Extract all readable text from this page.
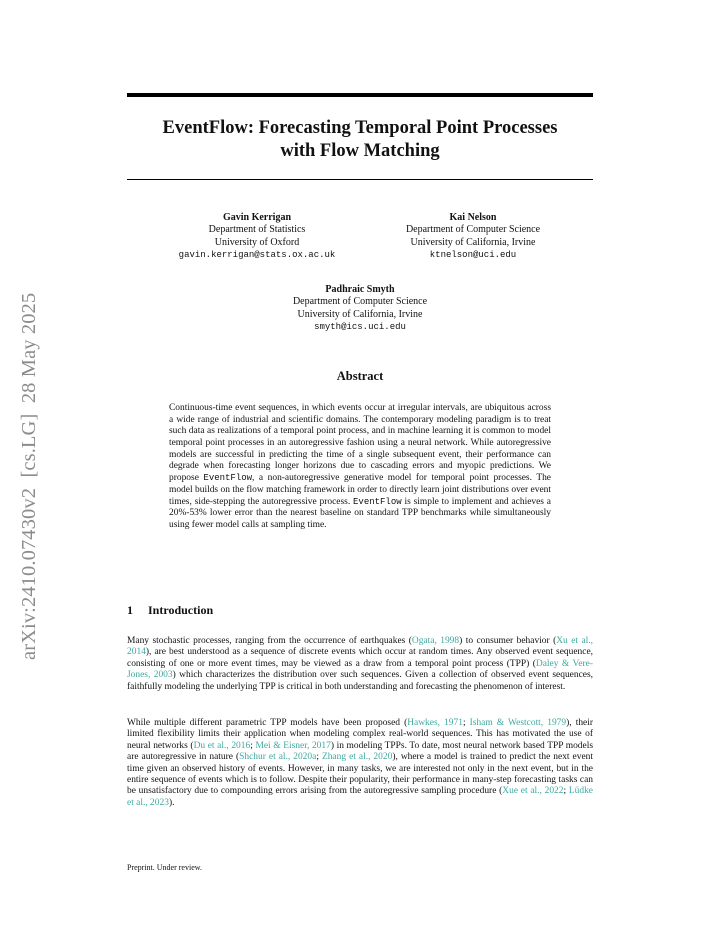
arXiv:2410.07430v2  [cs.LG]  28 May 2025
EventFlow: Forecasting Temporal Point Processes
with Flow Matching
Gavin Kerrigan
Department of Statistics
University of Oxford
gavin.kerrigan@stats.ox.ac.uk
Kai Nelson
Department of Computer Science
University of California, Irvine
ktnelson@uci.edu
Padhraic Smyth
Department of Computer Science
University of California, Irvine
smyth@ics.uci.edu
Abstract

Continuous-time event sequences, in which events occur at irregular intervals, are ubiquitous across a wide range of industrial and scientific domains. The contemporary modeling paradigm is to treat such data as realizations of a temporal point process, and in machine learning it is common to model temporal point processes in an autoregressive fashion using a neural network. While autoregressive models are successful in predicting the time of a single subsequent event, their performance can degrade when forecasting longer horizons due to cascading errors and myopic predictions. We propose EventFlow, a non-autoregressive generative model for temporal point processes. The model builds on the flow matching framework in order to directly learn joint distributions over event times, side-stepping the autoregressive process. EventFlow is simple to implement and achieves a 20%-53% lower error than the nearest baseline on standard TPP benchmarks while simultaneously using fewer model calls at sampling time.

1 Introduction

Many stochastic processes, ranging from the occurrence of earthquakes (Ogata, 1998) to consumer behavior (Xu et al., 2014), are best understood as a sequence of discrete events which occur at random times. Any observed event sequence, consisting of one or more event times, may be viewed as a draw from a temporal point process (TPP) (Daley & Vere-Jones, 2003) which characterizes the distribution over such sequences. Given a collection of observed event sequences, faithfully modeling the underlying TPP is critical in both understanding and forecasting the phenomenon of interest.

While multiple different parametric TPP models have been proposed (Hawkes, 1971; Isham & Westcott, 1979), their limited flexibility limits their application when modeling complex real-world sequences. This has motivated the use of neural networks (Du et al., 2016; Mei & Eisner, 2017) in modeling TPPs. To date, most neural network based TPP models are autoregressive in nature (Shchur et al., 2020a; Zhang et al., 2020), where a model is trained to predict the next event time given an observed history of events. However, in many tasks, we are interested not only in the next event, but in the entire sequence of events which is to follow. Despite their popularity, their performance in many-step forecasting tasks can be unsatisfactory due to compounding errors arising from the autoregressive sampling procedure (Xue et al., 2022; Lüdke et al., 2023).

Preprint. Under review.
